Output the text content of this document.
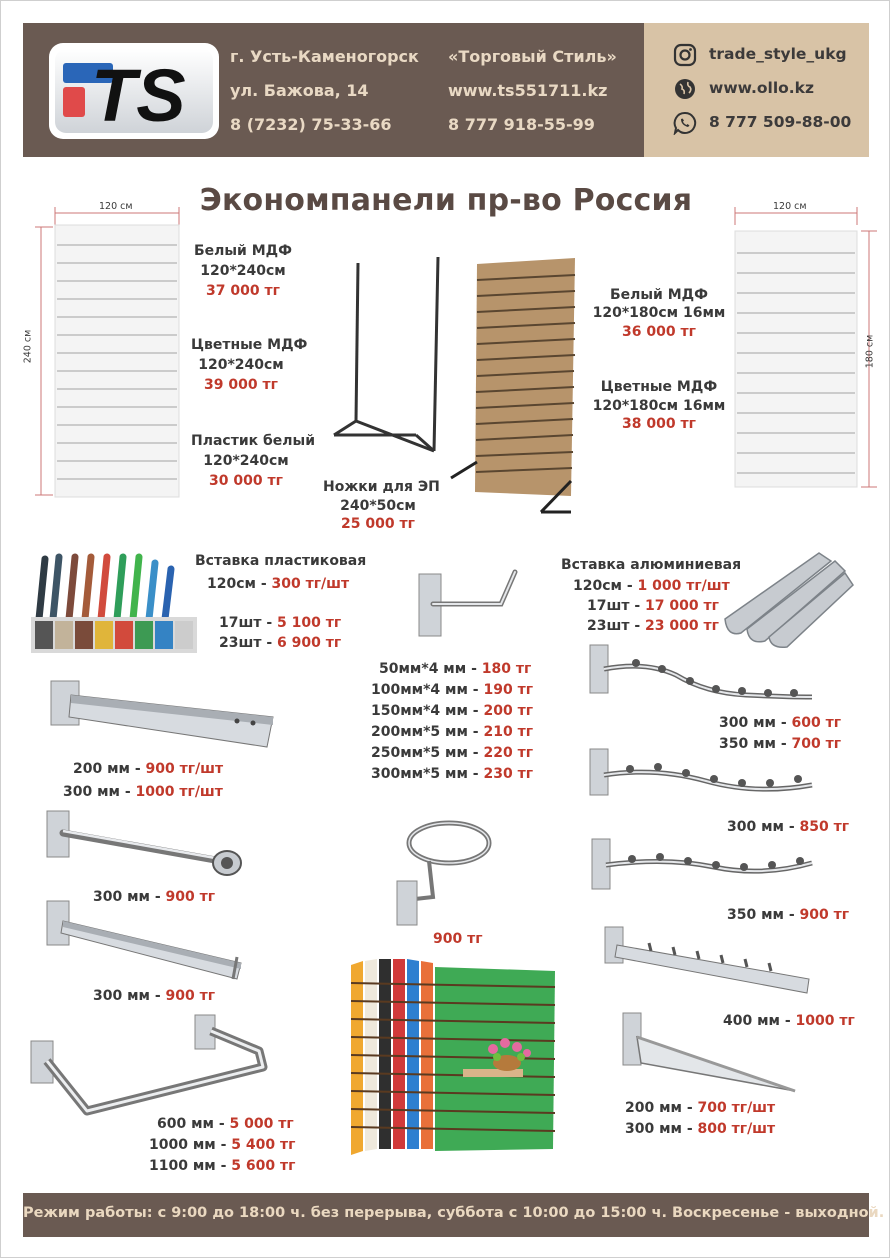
TS	г. Усть-Каменогорск
ул. Бажова, 14
8 (7232) 75-33-66
«Торговый Стиль»
www.ts551711.kz
8 777 918-55-99
trade_style_ukg
www.ollo.kz
8 777 509-88-00
Экономпанели пр-во Россия
120 см
240 см
Белый МДФ
120*240см
37 000 тг
Цветные МДФ
120*240см
39 000 тг
Пластик белый
120*240см
30 000 тг	Ножки для ЭП
240*50см
25 000 тг
Белый МДФ
120*180см 16мм
36 000 тг
Цветные МДФ
120*180см 16мм
38 000 тг
120 см
180 см
Вставка пластиковая
120см - 300 тг/шт
17шт - 5 100 тг
23шт - 6 900 тг
50мм*4 мм - 180 тг
100мм*4 мм - 190 тг
150мм*4 мм - 200 тг
200мм*5 мм - 210 тг
250мм*5 мм - 220 тг
300мм*5 мм - 230 тг
Вставка алюминиевая
120см - 1 000 тг/шт
17шт - 17 000 тг
23шт - 23 000 тг
300 мм - 600 тг
350 мм - 700 тг
200 мм - 900 тг/шт
300 мм - 1000 тг/шт
300 мм - 850 тг
300 мм - 900 тг
900 тг
350 мм - 900 тг
300 мм - 900 тг
400 мм - 1000 тг
600 мм - 5 000 тг
1000 мм - 5 400 тг
1100 мм - 5 600 тг
200 мм - 700 тг/шт
300 мм - 800 тг/шт
Режим работы: с 9:00 до 18:00 ч. без перерыва, суббота с 10:00 до 15:00 ч. Воскресенье - выходной.
